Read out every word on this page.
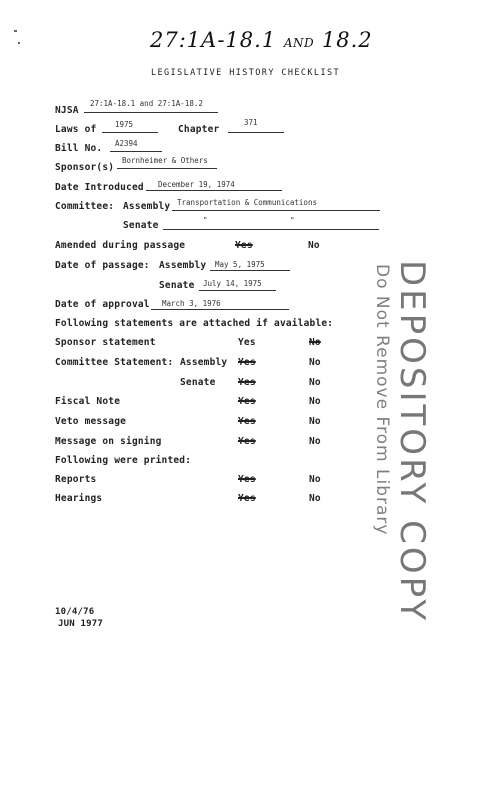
27:1A-18.1 AND 18.2
LEGISLATIVE HISTORY CHECKLIST
NJSA
27:1A-18.1 and 27:1A-18.2
Laws of 1975	Chapter
371
Bill No. A2394
Sponsor(s)
Bornheimer & Others
Date Introduced December 19, 1974
Committee: Assembly Transportation & Communications
Senate	"	"
Amended during passage	Yes	No
Date of passage: Assembly May 5, 1975
Senate July 14, 1975
Date of approval March 3, 1976
Following statements are attached if available:
Sponsor statement	Yes	No
Committee Statement: Assembly Yes	No
Senate Yes	No
Fiscal Note	Yes	No
Veto message	Yes	No
Message on signing	Yes	No
Following were printed:
Reports	Yes	No
Hearings	Yes	No DEPOSITORY COPY
Do Not Remove From Library
10/4/76
JUN 1977
